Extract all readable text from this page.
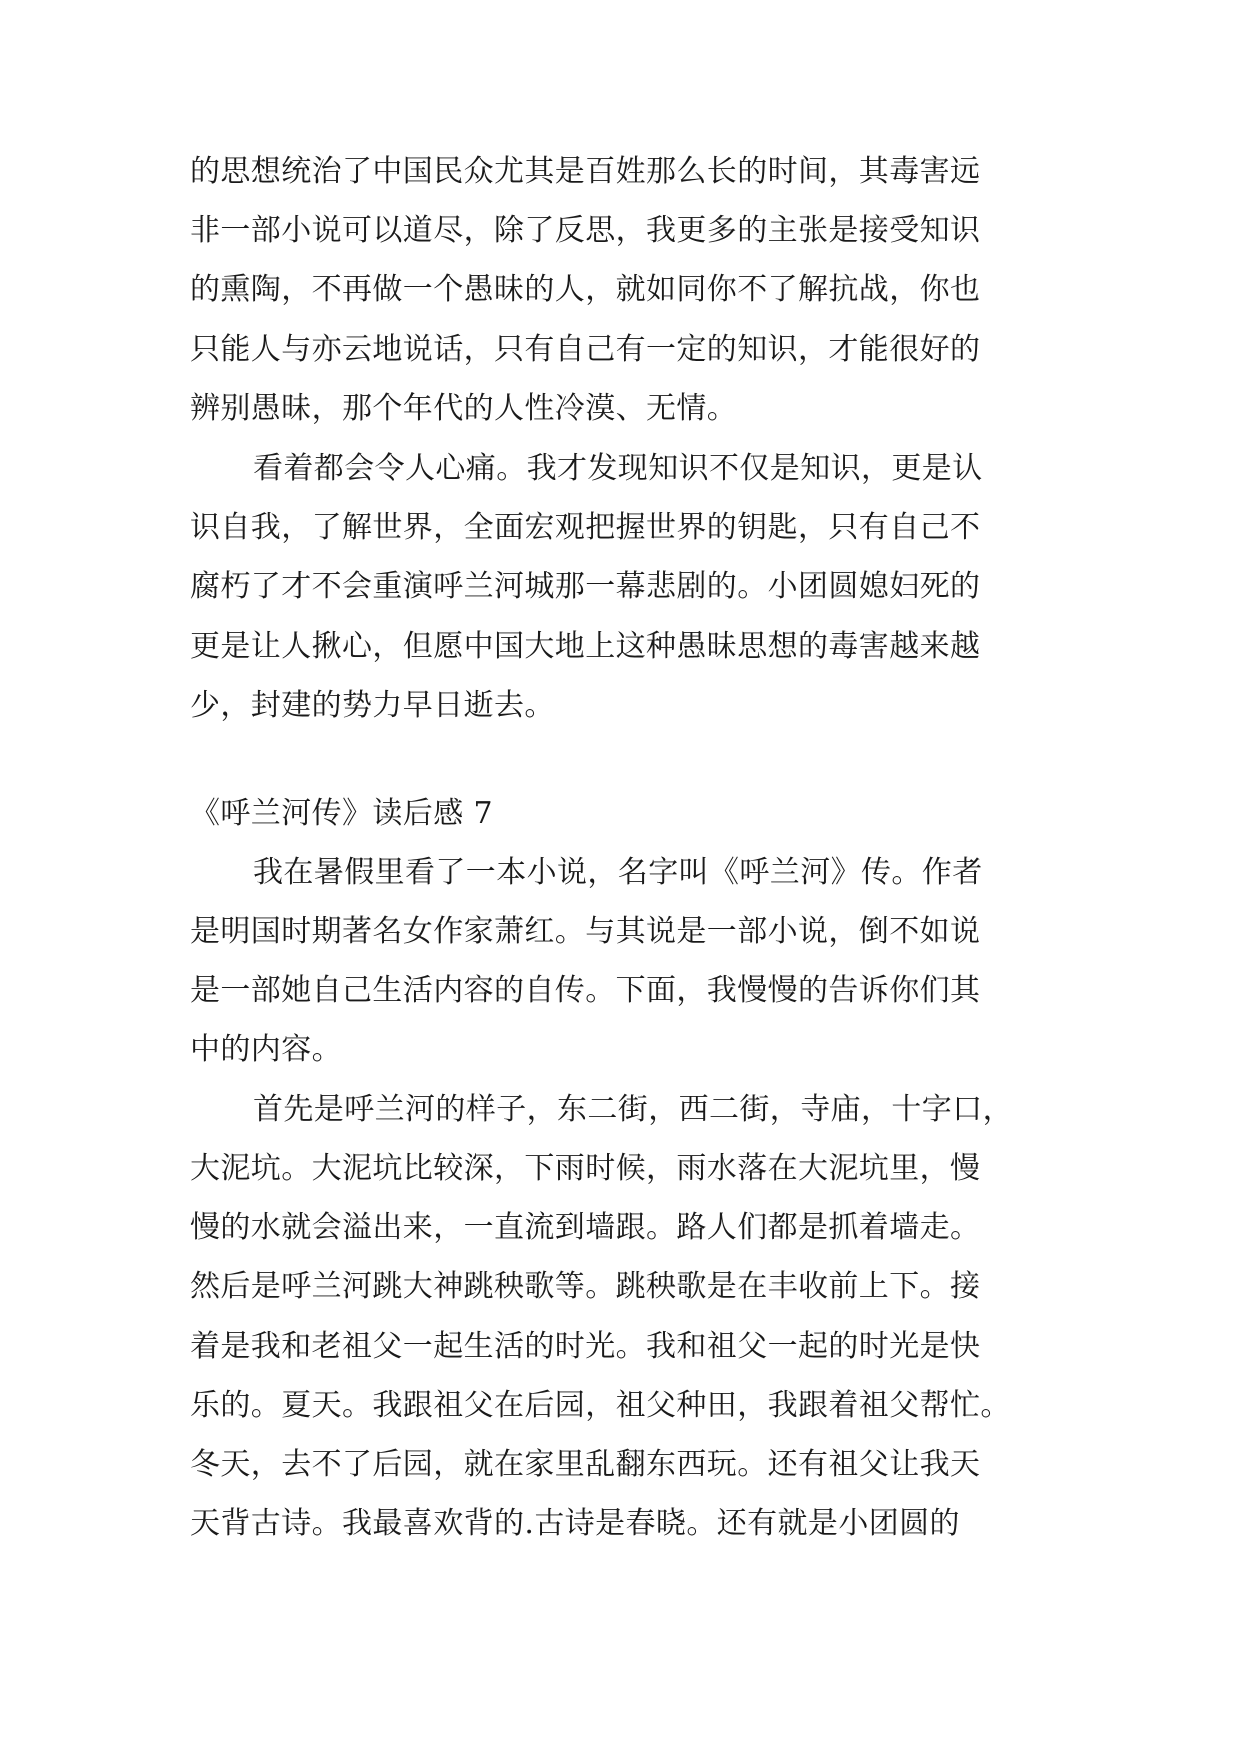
的思想统治了中国民众尤其是百姓那么长的时间，其毒害远
非一部小说可以道尽，除了反思，我更多的主张是接受知识
的熏陶，不再做一个愚昧的人，就如同你不了解抗战，你也
只能人与亦云地说话，只有自己有一定的知识，才能很好的
辨别愚昧，那个年代的人性冷漠、无情。
看着都会令人心痛。我才发现知识不仅是知识，更是认
识自我，了解世界，全面宏观把握世界的钥匙，只有自己不
腐朽了才不会重演呼兰河城那一幕悲剧的。小团圆媳妇死的
更是让人揪心，但愿中国大地上这种愚昧思想的毒害越来越
少，封建的势力早日逝去。
《呼兰河传》读后感 7
我在暑假里看了一本小说，名字叫《呼兰河》传。作者
是明国时期著名女作家萧红。与其说是一部小说，倒不如说
是一部她自己生活内容的自传。下面，我慢慢的告诉你们其
中的内容。
首先是呼兰河的样子，东二街，西二街，寺庙，十字口，
大泥坑。大泥坑比较深，下雨时候，雨水落在大泥坑里，慢
慢的水就会溢出来，一直流到墙跟。路人们都是抓着墙走。
然后是呼兰河跳大神跳秧歌等。跳秧歌是在丰收前上下。接
着是我和老祖父一起生活的时光。我和祖父一起的时光是快
乐的。夏天。我跟祖父在后园，祖父种田，我跟着祖父帮忙。
冬天，去不了后园，就在家里乱翻东西玩。还有祖父让我天
天背古诗。我最喜欢背的.古诗是春晓。还有就是小团圆的
